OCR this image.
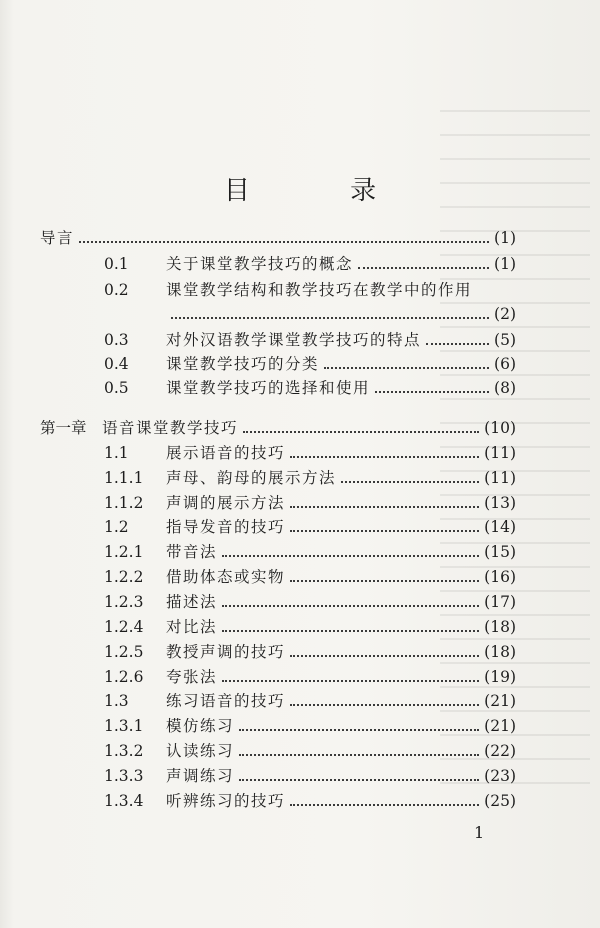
目 录
导言	(1)
0.1	关于课堂教学技巧的概念	(1)
0.2	课堂教学结构和教学技巧在教学中的作用
(2)
0.3	对外汉语教学课堂教学技巧的特点	(5)
0.4	课堂教学技巧的分类	(6)
0.5	课堂教学技巧的选择和使用	(8)
第一章 语音课堂教学技巧	(10)
1.1	展示语音的技巧	(11)
1.1.1	声母、韵母的展示方法	(11)
1.1.2	声调的展示方法	(13)
1.2	指导发音的技巧	(14)
1.2.1	带音法	(15)
1.2.2	借助体态或实物	(16)
1.2.3	描述法	(17)
1.2.4	对比法	(18)
1.2.5	教授声调的技巧	(18)
1.2.6	夸张法	(19)
1.3	练习语音的技巧	(21)
1.3.1	模仿练习	(21)
1.3.2	认读练习	(22)
1.3.3	声调练习	(23)
1.3.4	听辨练习的技巧	(25)
1
